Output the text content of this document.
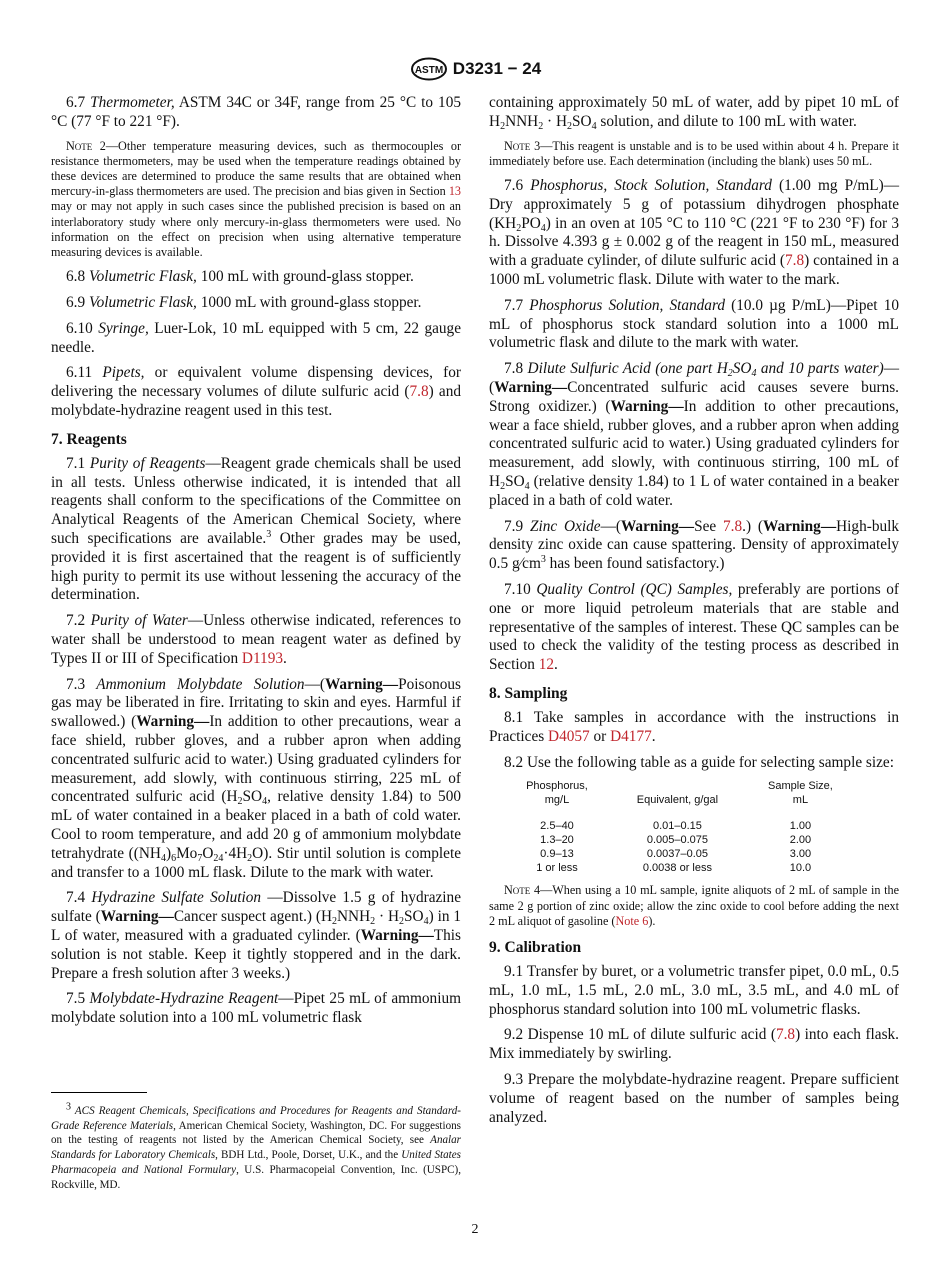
ASTM D3231 − 24

6.7 Thermometer, ASTM 34C or 34F, range from 25 °C to 105 °C (77 °F to 221 °F).

Note 2—Other temperature measuring devices, such as thermocouples or resistance thermometers, may be used when the temperature readings obtained by these devices are determined to produce the same results that are obtained when mercury-in-glass thermometers are used. The precision and bias given in Section 13 may or may not apply in such cases since the published precision is based on an interlaboratory study where only mercury-in-glass thermometers were used. No information on the effect on precision when using alternative temperature measuring devices is available.

6.8 Volumetric Flask, 100 mL with ground-glass stopper.

6.9 Volumetric Flask, 1000 mL with ground-glass stopper.

6.10 Syringe, Luer-Lok, 10 mL equipped with 5 cm, 22 gauge needle.

6.11 Pipets, or equivalent volume dispensing devices, for delivering the necessary volumes of dilute sulfuric acid (7.8) and molybdate-hydrazine reagent used in this test.

7. Reagents

7.1 Purity of Reagents—Reagent grade chemicals shall be used in all tests. Unless otherwise indicated, it is intended that all reagents shall conform to the specifications of the Committee on Analytical Reagents of the American Chemical Society, where such specifications are available.$^3$ Other grades may be used, provided it is first ascertained that the reagent is of sufficiently high purity to permit its use without lessening the accuracy of the determination.

7.2 Purity of Water—Unless otherwise indicated, references to water shall be understood to mean reagent water as defined by Types II or III of Specification D1193.

7.3 Ammonium Molybdate Solution—(Warning—Poisonous gas may be liberated in fire. Irritating to skin and eyes. Harmful if swallowed.) (Warning—In addition to other precautions, wear a face shield, rubber gloves, and a rubber apron when adding concentrated sulfuric acid to water.) Using graduated cylinders for measurement, add slowly, with continuous stirring, 225 mL of concentrated sulfuric acid ($H_2SO_4$, relative density 1.84) to 500 mL of water contained in a beaker placed in a bath of cold water. Cool to room temperature, and add 20 g of ammonium molybdate tetrahydrate $((NH_4)_6Mo_7O_{24}\cdot 4H_2O)$. Stir until solution is complete and transfer to a 1000 mL flask. Dilute to the mark with water.

7.4 Hydrazine Sulfate Solution —Dissolve 1.5 g of hydrazine sulfate (Warning—Cancer suspect agent.) $(H_2NNH_2 \cdot H_2SO_4)$ in 1 L of water, measured with a graduated cylinder. (Warning—This solution is not stable. Keep it tightly stoppered and in the dark. Prepare a fresh solution after 3 weeks.)

7.5 Molybdate-Hydrazine Reagent—Pipet 25 mL of ammonium molybdate solution into a 100 mL volumetric flask

$^3$ ACS Reagent Chemicals, Specifications and Procedures for Reagents and Standard-Grade Reference Materials, American Chemical Society, Washington, DC. For suggestions on the testing of reagents not listed by the American Chemical Society, see Analar Standards for Laboratory Chemicals, BDH Ltd., Poole, Dorset, U.K., and the United States Pharmacopeia and National Formulary, U.S. Pharmacopeial Convention, Inc. (USPC), Rockville, MD.

containing approximately 50 mL of water, add by pipet 10 mL of $H_2NNH_2 \cdot H_2SO_4$ solution, and dilute to 100 mL with water.

Note 3—This reagent is unstable and is to be used within about 4 h. Prepare it immediately before use. Each determination (including the blank) uses 50 mL.

7.6 Phosphorus, Stock Solution, Standard (1.00 mg P/mL)—Dry approximately 5 g of potassium dihydrogen phosphate $(KH_2PO_4)$ in an oven at 105 °C to 110 °C (221 °F to 230 °F) for 3 h. Dissolve 4.393 g ± 0.002 g of the reagent in 150 mL, measured with a graduate cylinder, of dilute sulfuric acid (7.8) contained in a 1000 mL volumetric flask. Dilute with water to the mark.

7.7 Phosphorus Solution, Standard (10.0 µg P/mL)—Pipet 10 mL of phosphorus stock standard solution into a 1000 mL volumetric flask and dilute to the mark with water.

7.8 Dilute Sulfuric Acid (one part $H_2SO_4$ and 10 parts water)—(Warning—Concentrated sulfuric acid causes severe burns. Strong oxidizer.) (Warning—In addition to other precautions, wear a face shield, rubber gloves, and a rubber apron when adding concentrated sulfuric acid to water.) Using graduated cylinders for measurement, add slowly, with continuous stirring, 100 mL of $H_2SO_4$ (relative density 1.84) to 1 L of water contained in a beaker placed in a bath of cold water.

7.9 Zinc Oxide—(Warning—See 7.8.) (Warning—High-bulk density zinc oxide can cause spattering. Density of approximately 0.5 $g⁄cm^3$ has been found satisfactory.)

7.10 Quality Control (QC) Samples, preferably are portions of one or more liquid petroleum materials that are stable and representative of the samples of interest. These QC samples can be used to check the validity of the testing process as described in Section 12.

8. Sampling

8.1 Take samples in accordance with the instructions in Practices D4057 or D4177.

8.2 Use the following table as a guide for selecting sample size:

Phosphorus,
mg/L	Equivalent, g/gal	Sample Size,
mL
2.5–40	0.01–0.15	1.00
1.3–20	0.005–0.075	2.00
0.9–13	0.0037–0.05	3.00
1 or less	0.0038 or less	10.0

Note 4—When using a 10 mL sample, ignite aliquots of 2 mL of sample in the same 2 g portion of zinc oxide; allow the zinc oxide to cool before adding the next 2 mL aliquot of gasoline (Note 6).

9. Calibration

9.1 Transfer by buret, or a volumetric transfer pipet, 0.0 mL, 0.5 mL, 1.0 mL, 1.5 mL, 2.0 mL, 3.0 mL, 3.5 mL, and 4.0 mL of phosphorus standard solution into 100 mL volumetric flasks.

9.2 Dispense 10 mL of dilute sulfuric acid (7.8) into each flask. Mix immediately by swirling.

9.3 Prepare the molybdate-hydrazine reagent. Prepare sufficient volume of reagent based on the number of samples being analyzed.

2
